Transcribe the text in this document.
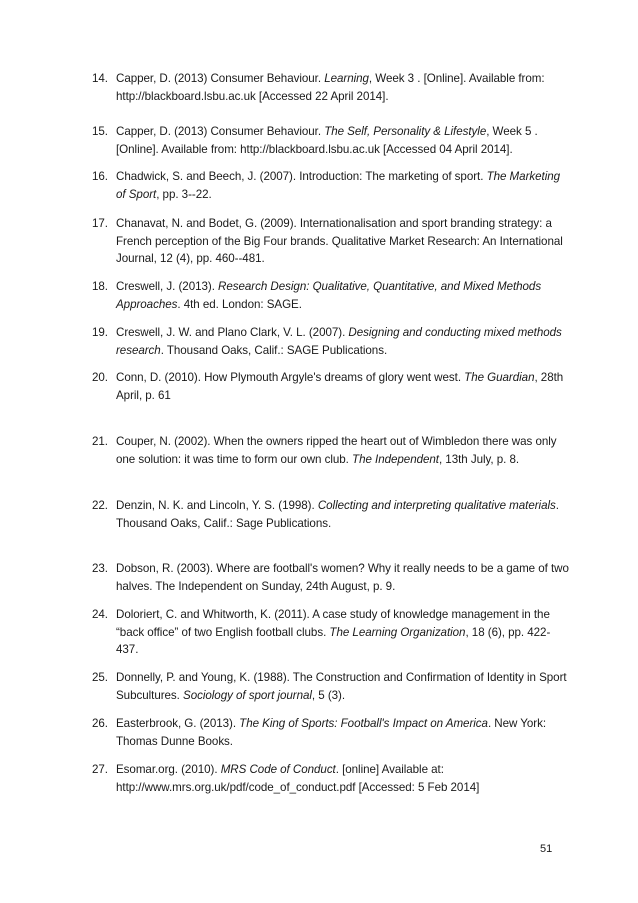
14. Capper, D. (2013) Consumer Behaviour. Learning, Week 3 . [Online]. Available from: http://blackboard.lsbu.ac.uk [Accessed 22 April 2014].
15. Capper, D. (2013) Consumer Behaviour. The Self, Personality & Lifestyle, Week 5 . [Online]. Available from: http://blackboard.lsbu.ac.uk [Accessed 04 April 2014].
16. Chadwick, S. and Beech, J. (2007). Introduction: The marketing of sport. The Marketing of Sport, pp. 3--22.
17. Chanavat, N. and Bodet, G. (2009). Internationalisation and sport branding strategy: a French perception of the Big Four brands. Qualitative Market Research: An International Journal, 12 (4), pp. 460--481.
18. Creswell, J. (2013). Research Design: Qualitative, Quantitative, and Mixed Methods Approaches. 4th ed. London: SAGE.
19. Creswell, J. W. and Plano Clark, V. L. (2007). Designing and conducting mixed methods research. Thousand Oaks, Calif.: SAGE Publications.
20. Conn, D. (2010). How Plymouth Argyle's dreams of glory went west. The Guardian, 28th April, p. 61
21. Couper, N. (2002). When the owners ripped the heart out of Wimbledon there was only one solution: it was time to form our own club. The Independent, 13th July, p. 8.
22. Denzin, N. K. and Lincoln, Y. S. (1998). Collecting and interpreting qualitative materials. Thousand Oaks, Calif.: Sage Publications.
23. Dobson, R. (2003). Where are football's women? Why it really needs to be a game of two halves. The Independent on Sunday, 24th August, p. 9.
24. Doloriert, C. and Whitworth, K. (2011). A case study of knowledge management in the “back office” of two English football clubs. The Learning Organization, 18 (6), pp. 422-437.
25. Donnelly, P. and Young, K. (1988). The Construction and Confirmation of Identity in Sport Subcultures. Sociology of sport journal, 5 (3).
26. Easterbrook, G. (2013). The King of Sports: Football's Impact on America. New York: Thomas Dunne Books.
27. Esomar.org. (2010). MRS Code of Conduct. [online] Available at: http://www.mrs.org.uk/pdf/code_of_conduct.pdf [Accessed: 5 Feb 2014]
51
